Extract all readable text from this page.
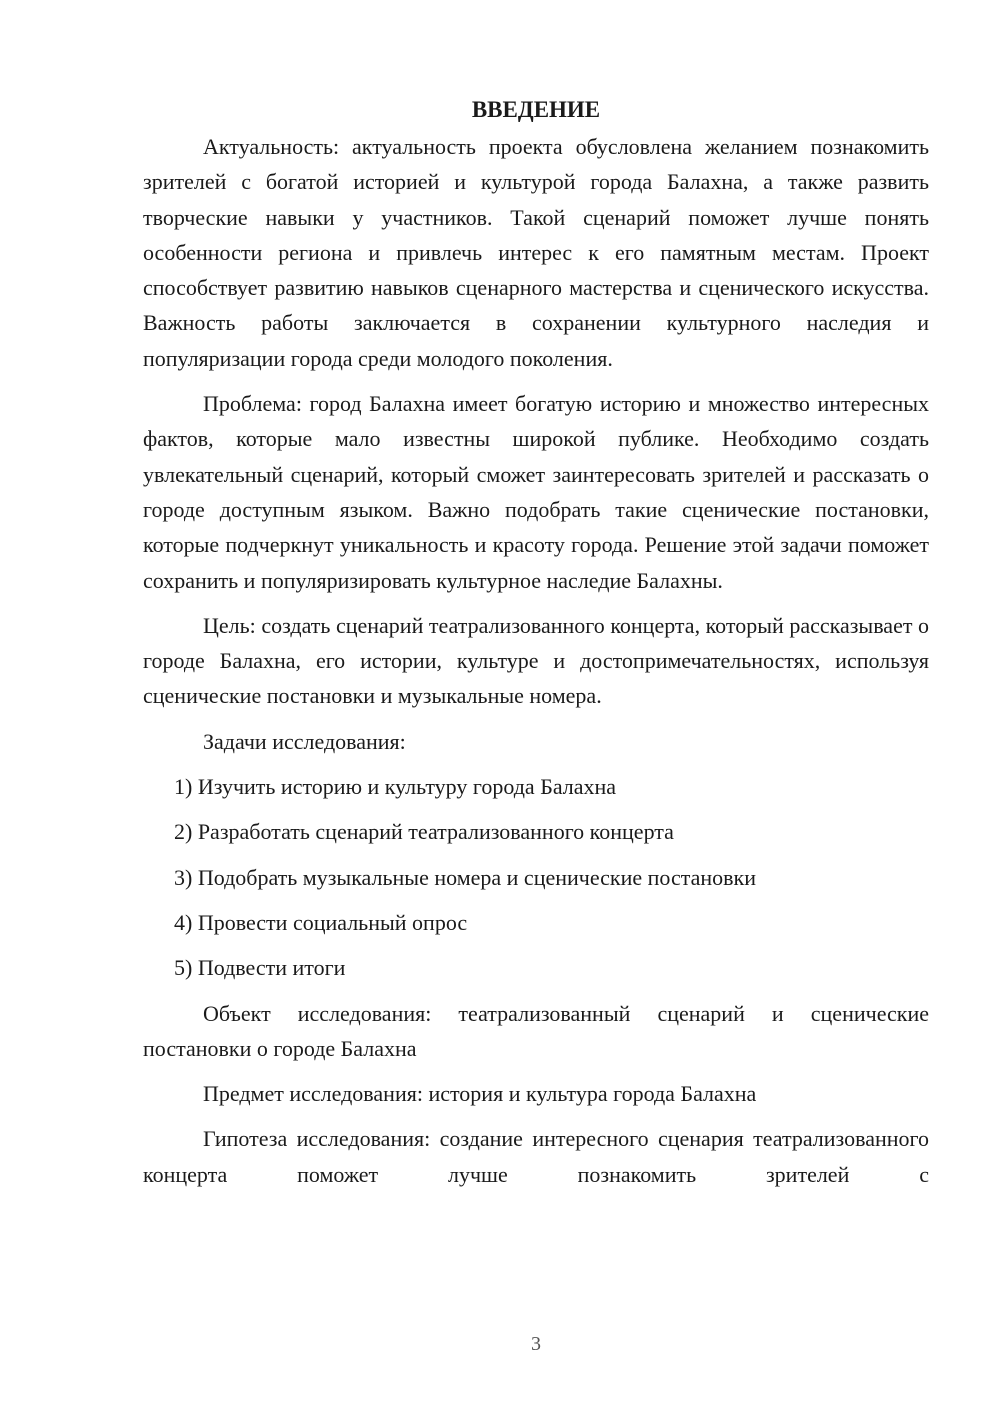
ВВЕДЕНИЕ

Актуальность: актуальность проекта обусловлена желанием познакомить зрителей с богатой историей и культурой города Балахна, а также развить творческие навыки у участников. Такой сценарий поможет лучше понять особенности региона и привлечь интерес к его памятным местам. Проект способствует развитию навыков сценарного мастерства и сценического искусства. Важность работы заключается в сохранении культурного наследия и популяризации города среди молодого поколения.

Проблема: город Балахна имеет богатую историю и множество интересных фактов, которые мало известны широкой публике. Необходимо создать увлекательный сценарий, который сможет заинтересовать зрителей и рассказать о городе доступным языком. Важно подобрать такие сценические постановки, которые подчеркнут уникальность и красоту города. Решение этой задачи поможет сохранить и популяризировать культурное наследие Балахны.

Цель: создать сценарий театрализованного концерта, который рассказывает о городе Балахна, его истории, культуре и достопримечательностях, используя сценические постановки и музыкальные номера.

Задачи исследования:

1) Изучить историю и культуру города Балахна

2) Разработать сценарий театрализованного концерта

3) Подобрать музыкальные номера и сценические постановки

4) Провести социальный опрос

5) Подвести итоги

Объект исследования: театрализованный сценарий и сценические постановки о городе Балахна

Предмет исследования: история и культура города Балахна

Гипотеза исследования: создание интересного сценария театрализованного концерта поможет лучше познакомить зрителей с

3
